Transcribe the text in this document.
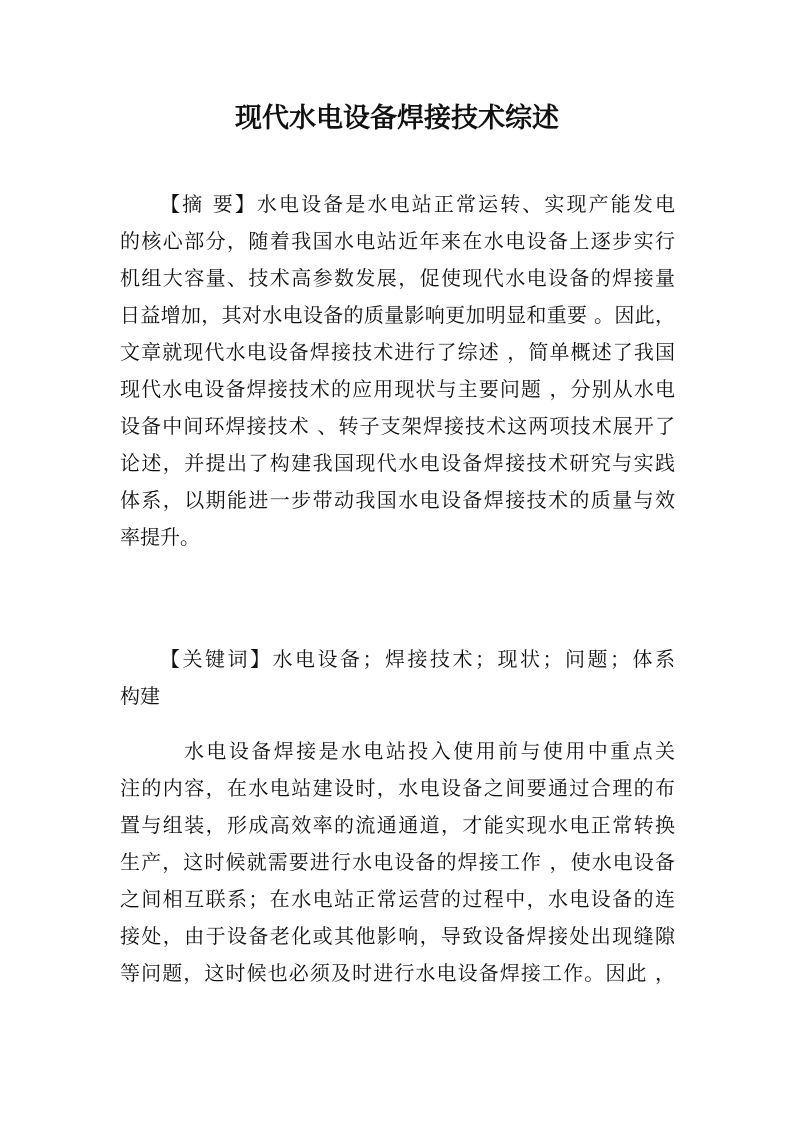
现代水电设备焊接技术综述
【摘 要】水电设备是水电站正常运转、实现产能发电
的核心部分，随着我国水电站近年来在水电设备上逐步实行
机组大容量、技术高参数发展，促使现代水电设备的焊接量
日益增加，其对水电设备的质量影响更加明显和重要 。因此，
文章就现代水电设备焊接技术进行了综述 ，简单概述了我国
现代水电设备焊接技术的应用现状与主要问题 ，分别从水电
设备中间环焊接技术 、转子支架焊接技术这两项技术展开了
论述，并提出了构建我国现代水电设备焊接技术研究与实践
体系，以期能进一步带动我国水电设备焊接技术的质量与效
率提升。
【关键词】水电设备；焊接技术；现状；问题；体系
构建
水电设备焊接是水电站投入使用前与使用中重点关
注的内容，在水电站建设时，水电设备之间要通过合理的布
置与组装，形成高效率的流通通道，才能实现水电正常转换
生产，这时候就需要进行水电设备的焊接工作 ，使水电设备
之间相互联系；在水电站正常运营的过程中，水电设备的连
接处，由于设备老化或其他影响，导致设备焊接处出现缝隙
等问题，这时候也必须及时进行水电设备焊接工作。因此 ，
